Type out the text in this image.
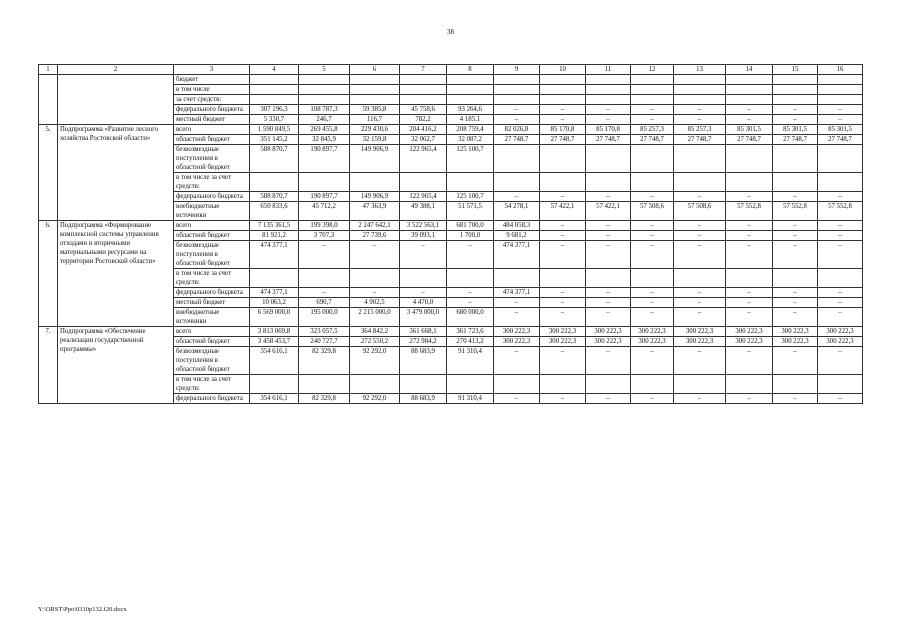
38
1	2	3	4	5	6	7	8	9	10	11	12	13	14	15	16
		бюджет													
		в том числе													
		за счет средств:													
		федерального бюджета	307 196,3	108 787,3	59 385,8	45 758,6	93 264,6	–	–	–	–	–	–	–	–
		местный бюджет	5 330,7	246,7	116,7	782,2	4 185,1	–	–	–	–	–	–	–	–
5.	Подпрограмма «Развитие лесного хозяйства Ростовской области»	всего	1 590 849,5	269 455,8	229 430,6	204 416,2	208 759,4	82 026,8	85 170,8	85 170,8	85 257,3	85 257,3	85 301,5	85 301,5	85 301,5
		областной бюджет	351 145,2	32 845,9	32 159,8	32 062,7	32 087,2	27 748,7	27 748,7	27 748,7	27 748,7	27 748,7	27 748,7	27 748,7	27 748,7
		безвозмездные поступления в областной бюджет	588 870,7	190 897,7	149 906,9	122 965,4	125 100,7								
		в том числе за счет средств:													
		федерального бюджета	588 870,7	190 897,7	149 906,9	122 965,4	125 100,7	–	–	–	–	–	–	–	–
		внебюджетные источники	650 833,6	45 712,2	47 363,9	49 388,1	51 571,5	54 278,1	57 422,1	57 422,1	57 508,6	57 508,6	57 552,8	57 552,8	57 552,8
6.	Подпрограмма «Формирование комплексной системы управления отходами и вторичными материальными ресурсами на территории Ростовской области»	всего	7 135 361,5	199 398,0	2 247 642,1	3 522 563,1	681 700,0	484 058,3	–	–	–	–	–	–	–
		областной бюджет	81 921,2	3 707,3	27 739,6	39 093,1	1 700,0	9 681,2	–	–	–	–	–	–	–
		безвозмездные поступления в областной бюджет	474 377,1	–	–	–	–	474 377,1	–	–	–	–	–	–	–
		в том числе за счет средств:													
		федерального бюджета	474 377,1	–	–	–	–	474 377,1	–	–	–	–	–	–	–
		местный бюджет	10 063,2	690,7	4 902,5	4 470,0	–	–	–	–	–	–	–	–	–
		внебюджетные источники	6 569 000,0	195 000,0	2 215 000,0	3 479 000,0	680 000,0	–	–	–	–	–	–	–	–
7.	Подпрограмма «Обеспечение реализации государственной программы»	всего	3 813 069,8	323 057,5	364 842,2	361 668,1	361 723,6	300 222,3	300 222,3	300 222,3	300 222,3	300 222,3	300 222,3	300 222,3	300 222,3
		областной бюджет	3 458 453,7	240 727,7	272 550,2	272 984,2	270 413,2	300 222,3	300 222,3	300 222,3	300 222,3	300 222,3	300 222,3	300 222,3	300 222,3
		безвозмездные поступления в областной бюджет	354 616,1	82 329,8	92 292,0	88 683,9	91 310,4	–	–	–	–	–	–	–	–
		в том числе за счет средств:													
		федерального бюджета	354 616,1	82 329,8	92 292,0	88 683,9	91 310,4	–	–	–	–	–	–	–	–
Y:\ORST\Ppo\0310p132.f20.docx
